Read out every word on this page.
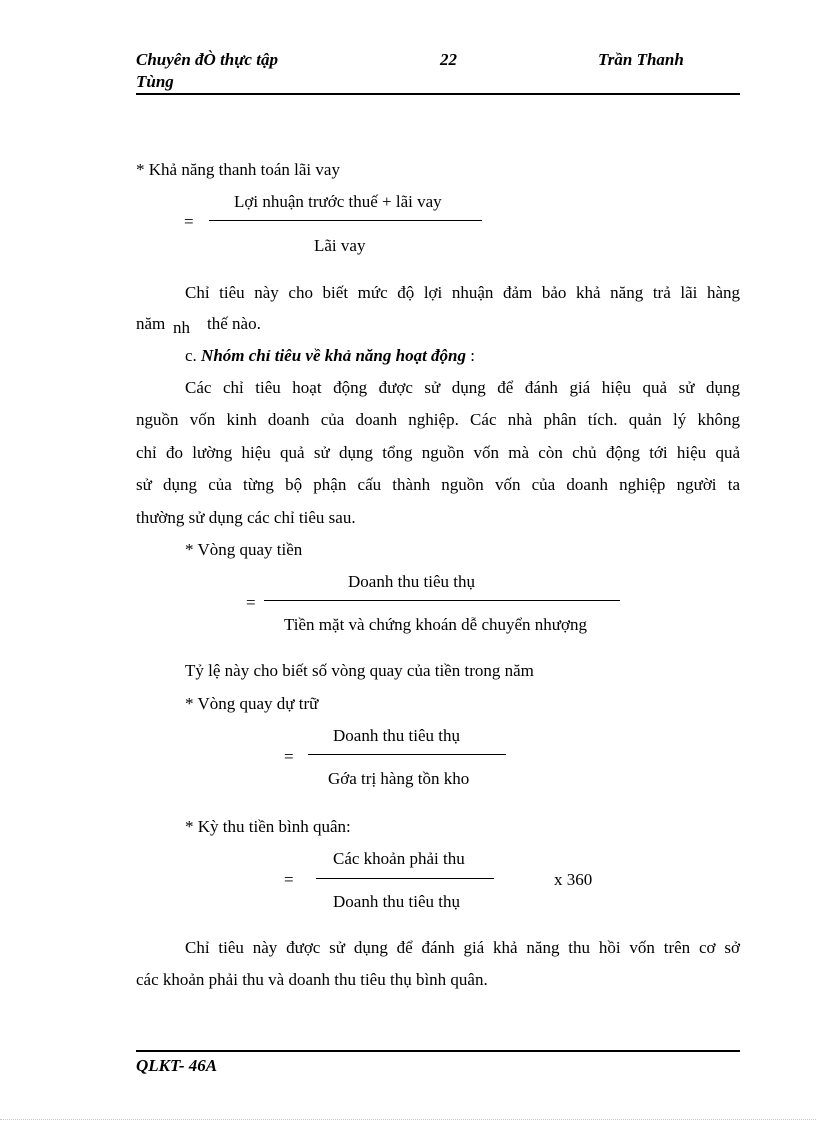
Chuyên đÒ thực tập
Tùng
22	Trần Thanh
* Khả năng thanh toán lãi vay
Lợi nhuận trước thuế + lãi vay
=
Lãi vay
Chỉ tiêu này cho biết mức độ lợi nhuận đảm bảo khả năng trả lãi hàng
năm nh thế nào.
c. Nhóm chỉ tiêu về khả năng hoạt động :
Các chỉ tiêu hoạt động được sử dụng để đánh giá hiệu quả sử dụng
nguồn vốn kinh doanh của doanh nghiệp. Các nhà phân tích. quản lý không
chỉ đo lường hiệu quả sử dụng tổng nguồn vốn mà còn chủ động tới hiệu quả
sử dụng của từng bộ phận cấu thành nguồn vốn của doanh nghiệp người ta
thường sử dụng các chỉ tiêu sau.
* Vòng quay tiền
Doanh thu tiêu thụ
=
Tiền mặt và chứng khoán dễ chuyển nhượng
Tỷ lệ này cho biết số vòng quay của tiền trong năm
* Vòng quay dự trữ
Doanh thu tiêu thụ
=
Gớa trị hàng tồn kho
* Kỳ thu tiền bình quân:
Các khoản phải thu
=	x 360
Doanh thu tiêu thụ
Chỉ tiêu này được sử dụng để đánh giá khả năng thu hồi vốn trên cơ sở
các khoản phải thu và doanh thu tiêu thụ bình quân.
QLKT- 46A
